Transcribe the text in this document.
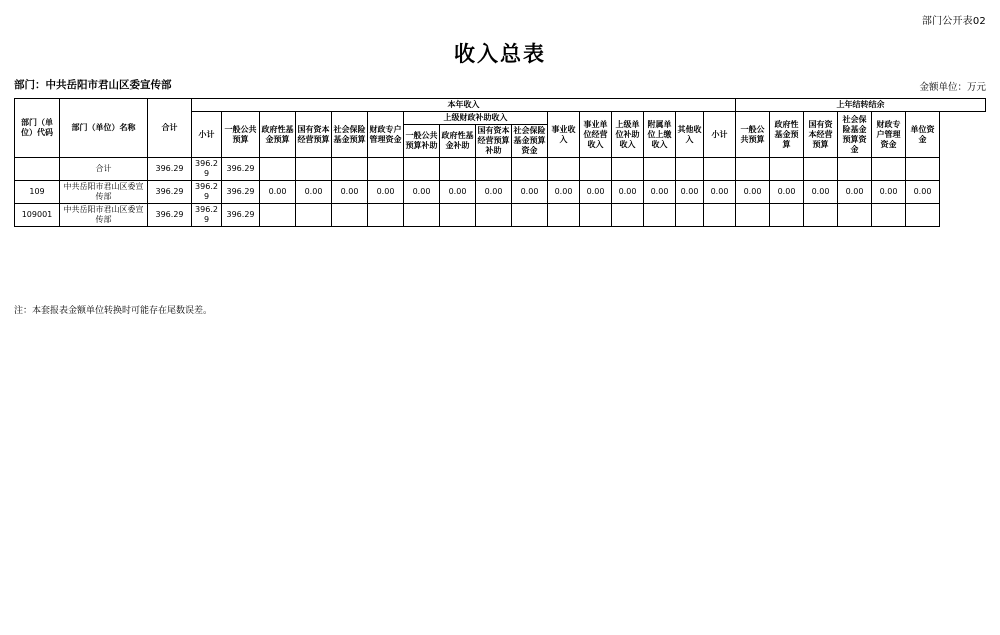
部门公开表02
收入总表
部门：中共岳阳市君山区委宣传部	金额单位：万元
部门（单位）代码	部门（单位）名称	合计	本年收入																上年结转结余					
			小计	一般公共预算	政府性基金预算	国有资本经营预算	社会保险基金预算	财政专户管理资金	上级财政补助收入				事业收入	事业单位经营收入	上级单位补助收入	附属单位上缴收入	其他收入	小计	一般公共预算	政府性基金预算	国有资本经营预算	社会保险基金预算资金	财政专户管理资金	单位资金
									一般公共预算补助	政府性基金补助	国有资本经营预算补助	社会保险基金预算资金												

	合计	396.29	396.29	396.29																				
109	中共岳阳市君山区委宣传部	396.29	396.29	396.29	0.00	0.00	0.00	0.00	0.00	0.00	0.00	0.00	0.00	0.00	0.00	0.00	0.00	0.00	0.00	0.00	0.00	0.00	0.00	0.00
109001	中共岳阳市君山区委宣传部	396.29	396.29	396.29																				
注：本套报表金额单位转换时可能存在尾数误差。
